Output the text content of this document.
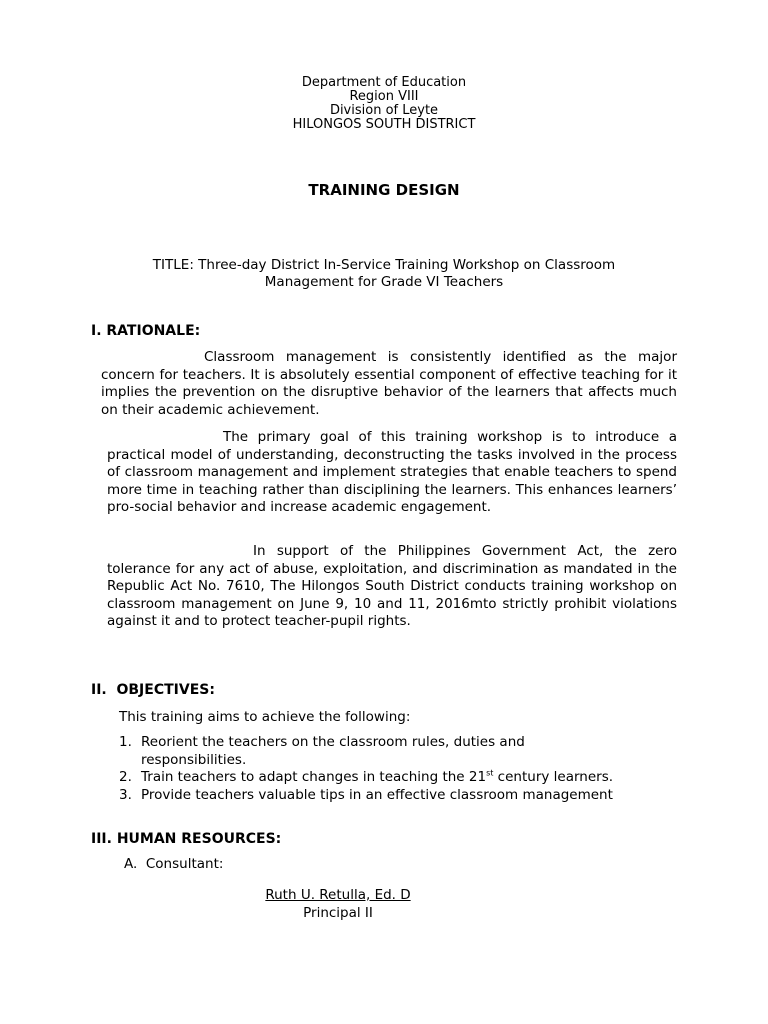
Department of Education
Region VIII
Division of Leyte
HILONGOS SOUTH DISTRICT
TRAINING DESIGN
TITLE: Three-day District In-Service Training Workshop on Classroom
Management for Grade VI Teachers
I. RATIONALE:
Classroom management is consistently identified as the major concern for teachers. It is absolutely essential component of effective teaching for it implies the prevention on the disruptive behavior of the learners that affects much on their academic achievement.
The primary goal of this training workshop is to introduce a practical model of understanding, deconstructing the tasks involved in the process of classroom management and implement strategies that enable teachers to spend more time in teaching rather than disciplining the learners. This enhances learners’ pro-social behavior and increase academic engagement.
In support of the Philippines Government Act, the zero tolerance for any act of abuse, exploitation, and discrimination as mandated in the Republic Act No. 7610, The Hilongos South District conducts training workshop on classroom management on June 9, 10 and 11, 2016mto strictly prohibit violations against it and to protect teacher-pupil rights.
II.  OBJECTIVES:
This training aims to achieve the following:
1. Reorient the teachers on the classroom rules, duties and responsibilities.
2. Train teachers to adapt changes in teaching the 21st century learners.
3. Provide teachers valuable tips in an effective classroom management
III. HUMAN RESOURCES:
A.  Consultant:
Ruth U. Retulla, Ed. D
Principal II
